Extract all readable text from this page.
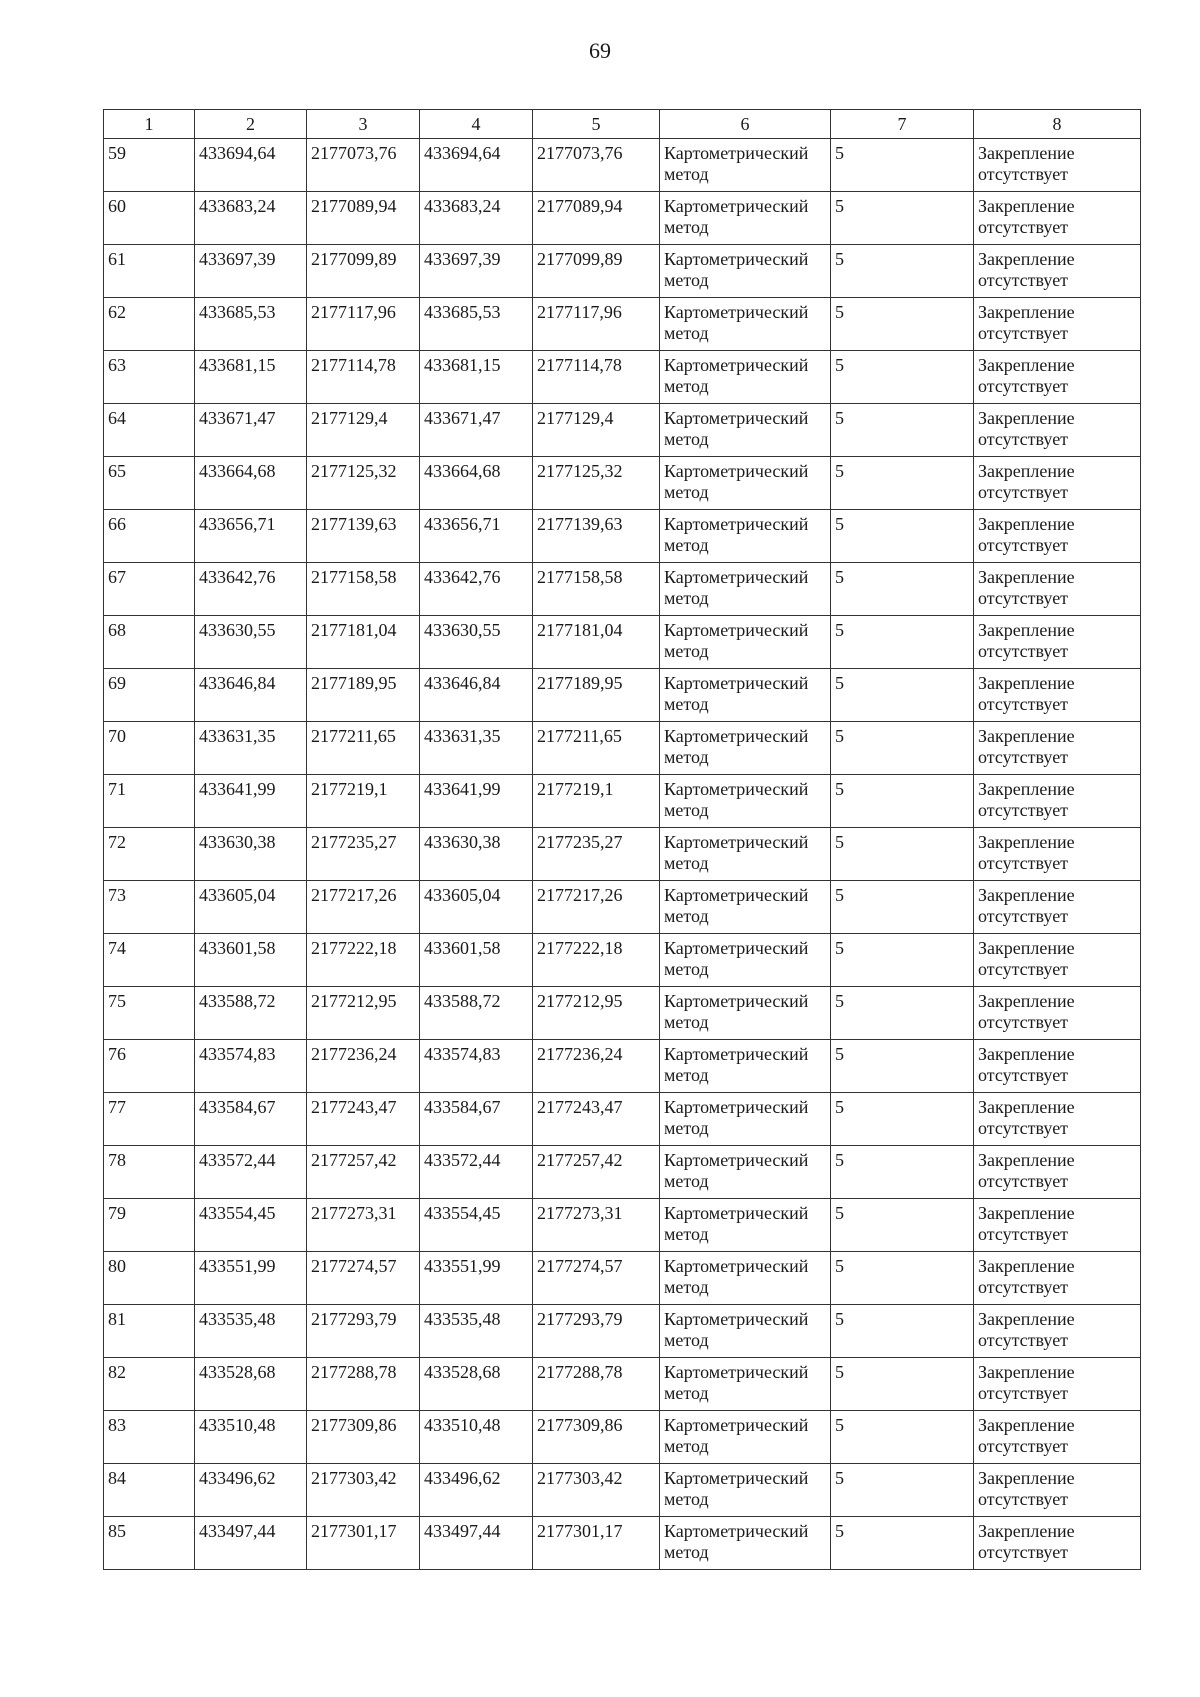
69
1	2	3	4	5	6	7	8
59	433694,64	2177073,76	433694,64	2177073,76	Картометрический метод	5		Закрепление отсутствует
60	433683,24	2177089,94	433683,24	2177089,94	Картометрический метод	5		Закрепление отсутствует
61	433697,39	2177099,89	433697,39	2177099,89	Картометрический метод	5		Закрепление отсутствует
62	433685,53	2177117,96	433685,53	2177117,96	Картометрический метод	5		Закрепление отсутствует
63	433681,15	2177114,78	433681,15	2177114,78	Картометрический метод	5		Закрепление отсутствует
64	433671,47	2177129,4	433671,47	2177129,4	Картометрический метод	5		Закрепление отсутствует
65	433664,68	2177125,32	433664,68	2177125,32	Картометрический метод	5		Закрепление отсутствует
66	433656,71	2177139,63	433656,71	2177139,63	Картометрический метод	5		Закрепление отсутствует
67	433642,76	2177158,58	433642,76	2177158,58	Картометрический метод	5		Закрепление отсутствует
68	433630,55	2177181,04	433630,55	2177181,04	Картометрический метод	5		Закрепление отсутствует
69	433646,84	2177189,95	433646,84	2177189,95	Картометрический метод	5		Закрепление отсутствует
70	433631,35	2177211,65	433631,35	2177211,65	Картометрический метод	5		Закрепление отсутствует
71	433641,99	2177219,1	433641,99	2177219,1	Картометрический метод	5		Закрепление отсутствует
72	433630,38	2177235,27	433630,38	2177235,27	Картометрический метод	5		Закрепление отсутствует
73	433605,04	2177217,26	433605,04	2177217,26	Картометрический метод	5		Закрепление отсутствует
74	433601,58	2177222,18	433601,58	2177222,18	Картометрический метод	5		Закрепление отсутствует
75	433588,72	2177212,95	433588,72	2177212,95	Картометрический метод	5		Закрепление отсутствует
76	433574,83	2177236,24	433574,83	2177236,24	Картометрический метод	5		Закрепление отсутствует
77	433584,67	2177243,47	433584,67	2177243,47	Картометрический метод	5		Закрепление отсутствует
78	433572,44	2177257,42	433572,44	2177257,42	Картометрический метод	5		Закрепление отсутствует
79	433554,45	2177273,31	433554,45	2177273,31	Картометрический метод	5		Закрепление отсутствует
80	433551,99	2177274,57	433551,99	2177274,57	Картометрический метод	5		Закрепление отсутствует
81	433535,48	2177293,79	433535,48	2177293,79	Картометрический метод	5		Закрепление отсутствует
82	433528,68	2177288,78	433528,68	2177288,78	Картометрический метод	5		Закрепление отсутствует
83	433510,48	2177309,86	433510,48	2177309,86	Картометрический метод	5		Закрепление отсутствует
84	433496,62	2177303,42	433496,62	2177303,42	Картометрический метод	5		Закрепление отсутствует
85	433497,44	2177301,17	433497,44	2177301,17	Картометрический метод	5		Закрепление отсутствует
